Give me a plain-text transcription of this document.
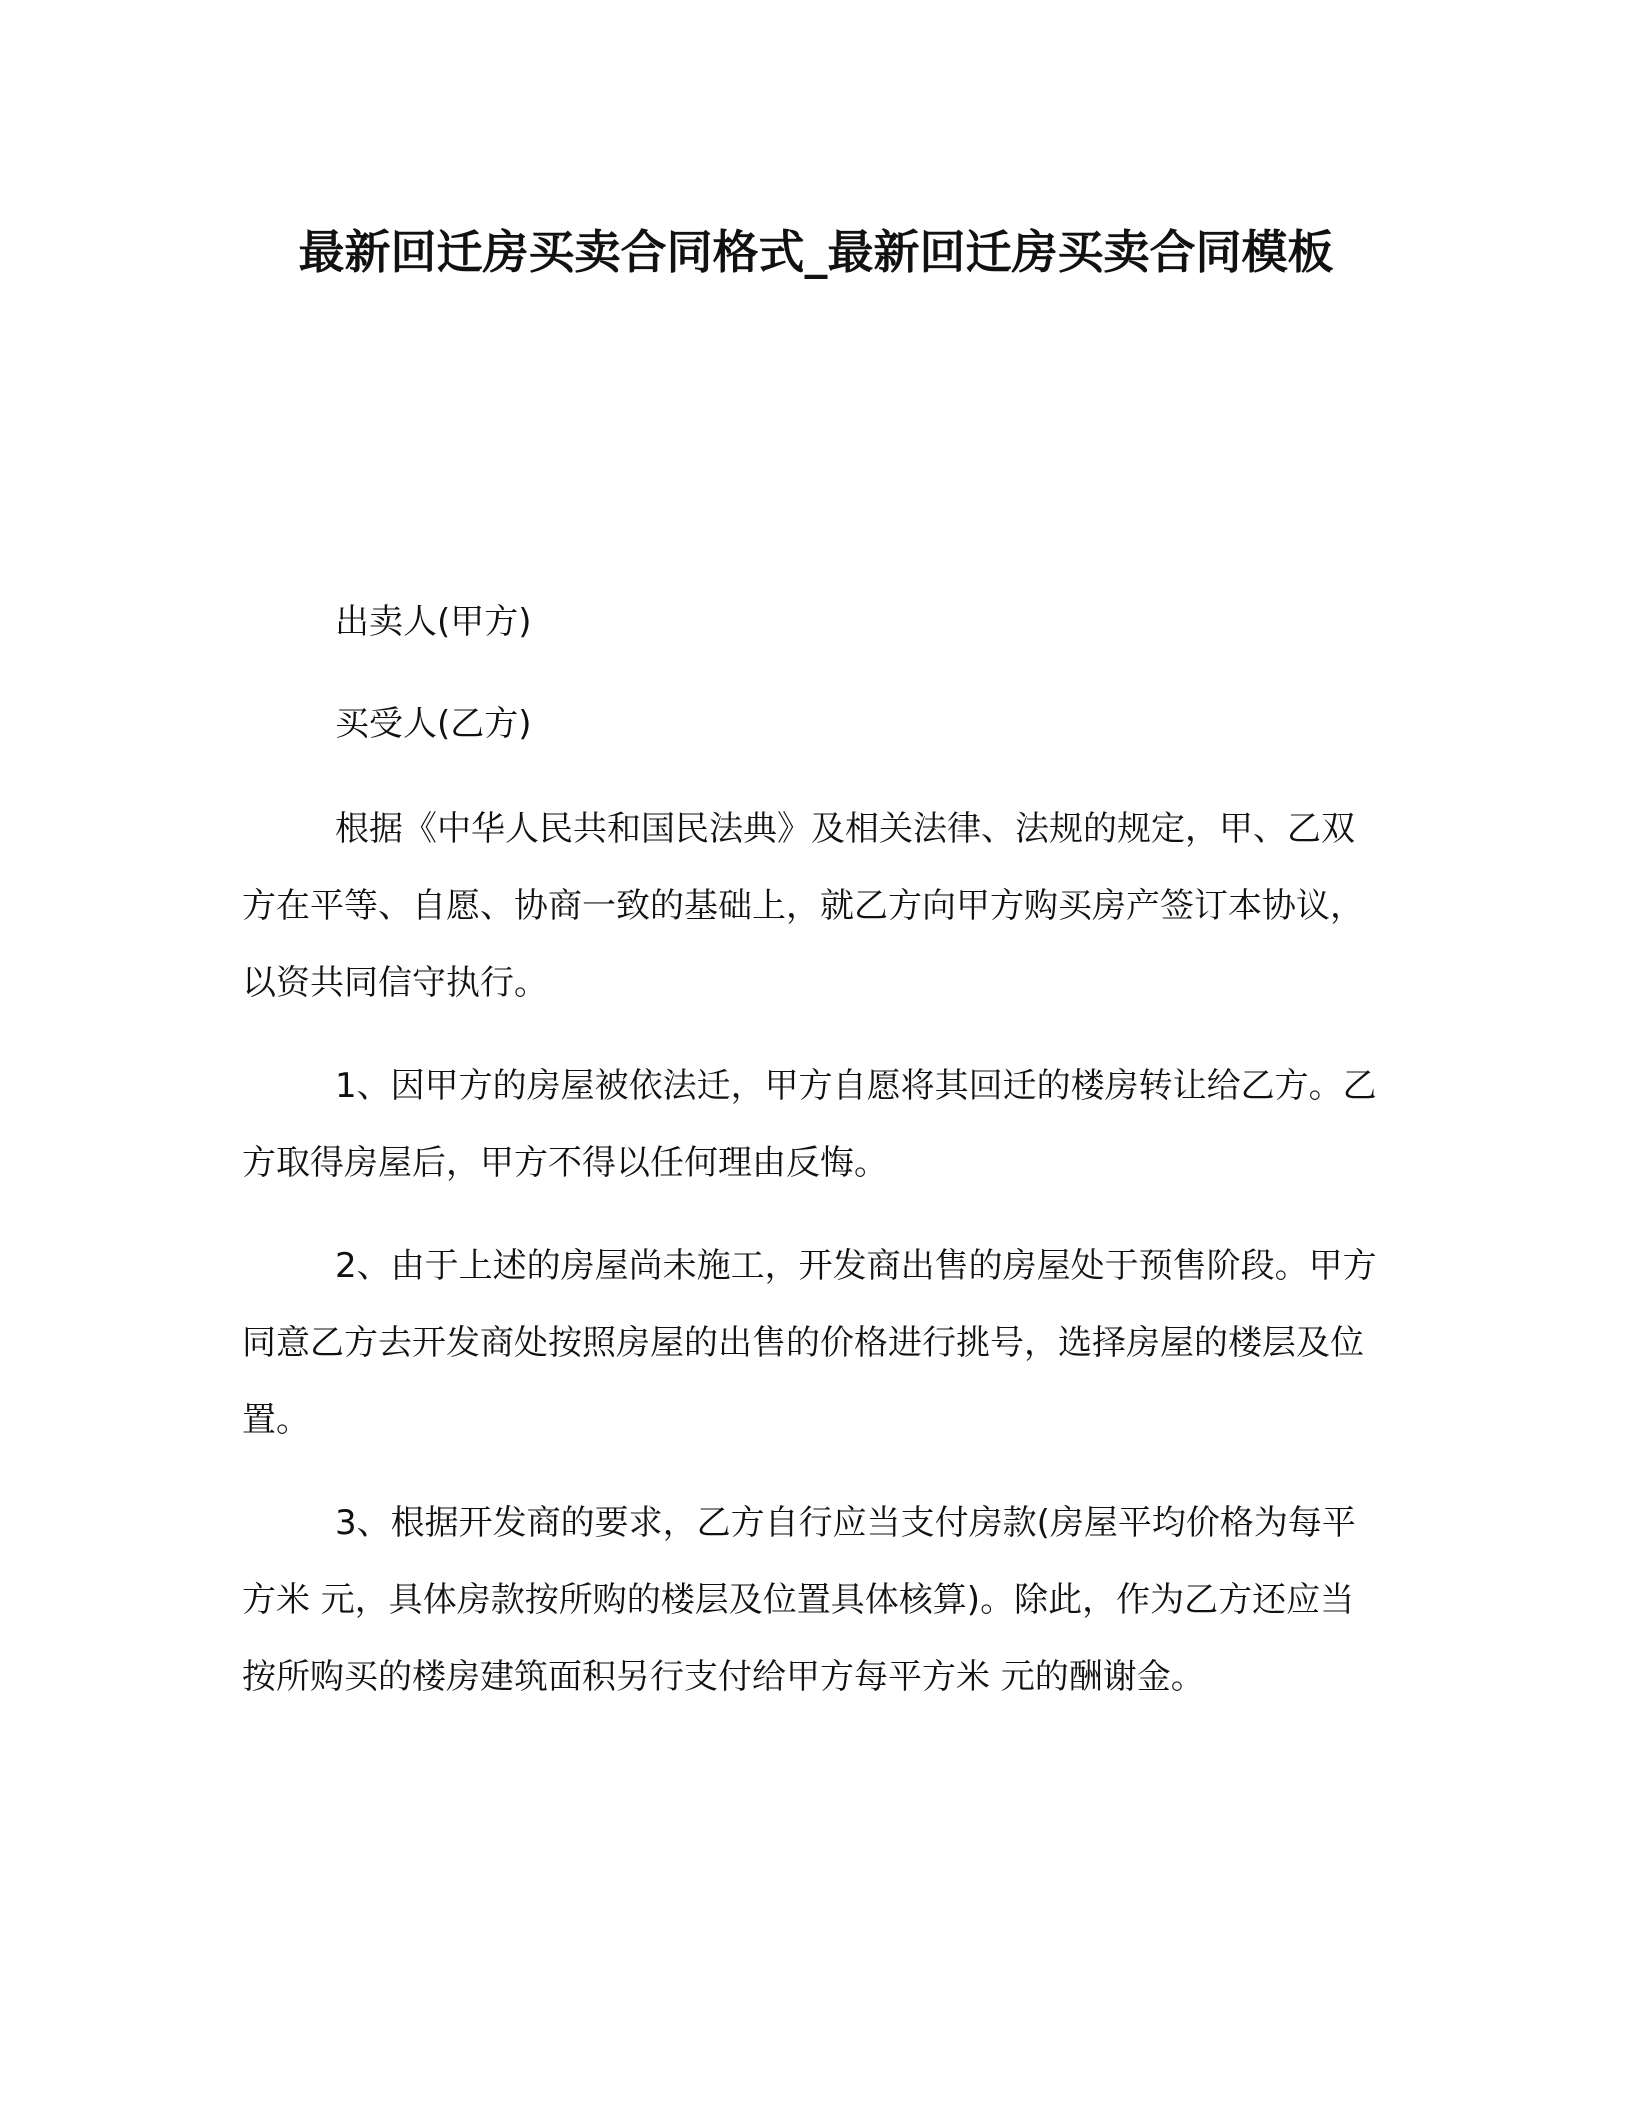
最新回迁房买卖合同格式_最新回迁房买卖合同模板

出卖人(甲方)

买受人(乙方)

根据《中华人民共和国民法典》及相关法律、法规的规定，甲、乙双方在平等、自愿、协商一致的基础上，就乙方向甲方购买房产签订本协议，以资共同信守执行。

1、因甲方的房屋被依法迁，甲方自愿将其回迁的楼房转让给乙方。乙方取得房屋后，甲方不得以任何理由反悔。

2、由于上述的房屋尚未施工，开发商出售的房屋处于预售阶段。甲方同意乙方去开发商处按照房屋的出售的价格进行挑号，选择房屋的楼层及位置。

3、根据开发商的要求，乙方自行应当支付房款(房屋平均价格为每平方米 元，具体房款按所购的楼层及位置具体核算)。除此，作为乙方还应当按所购买的楼房建筑面积另行支付给甲方每平方米 元的酬谢金。
